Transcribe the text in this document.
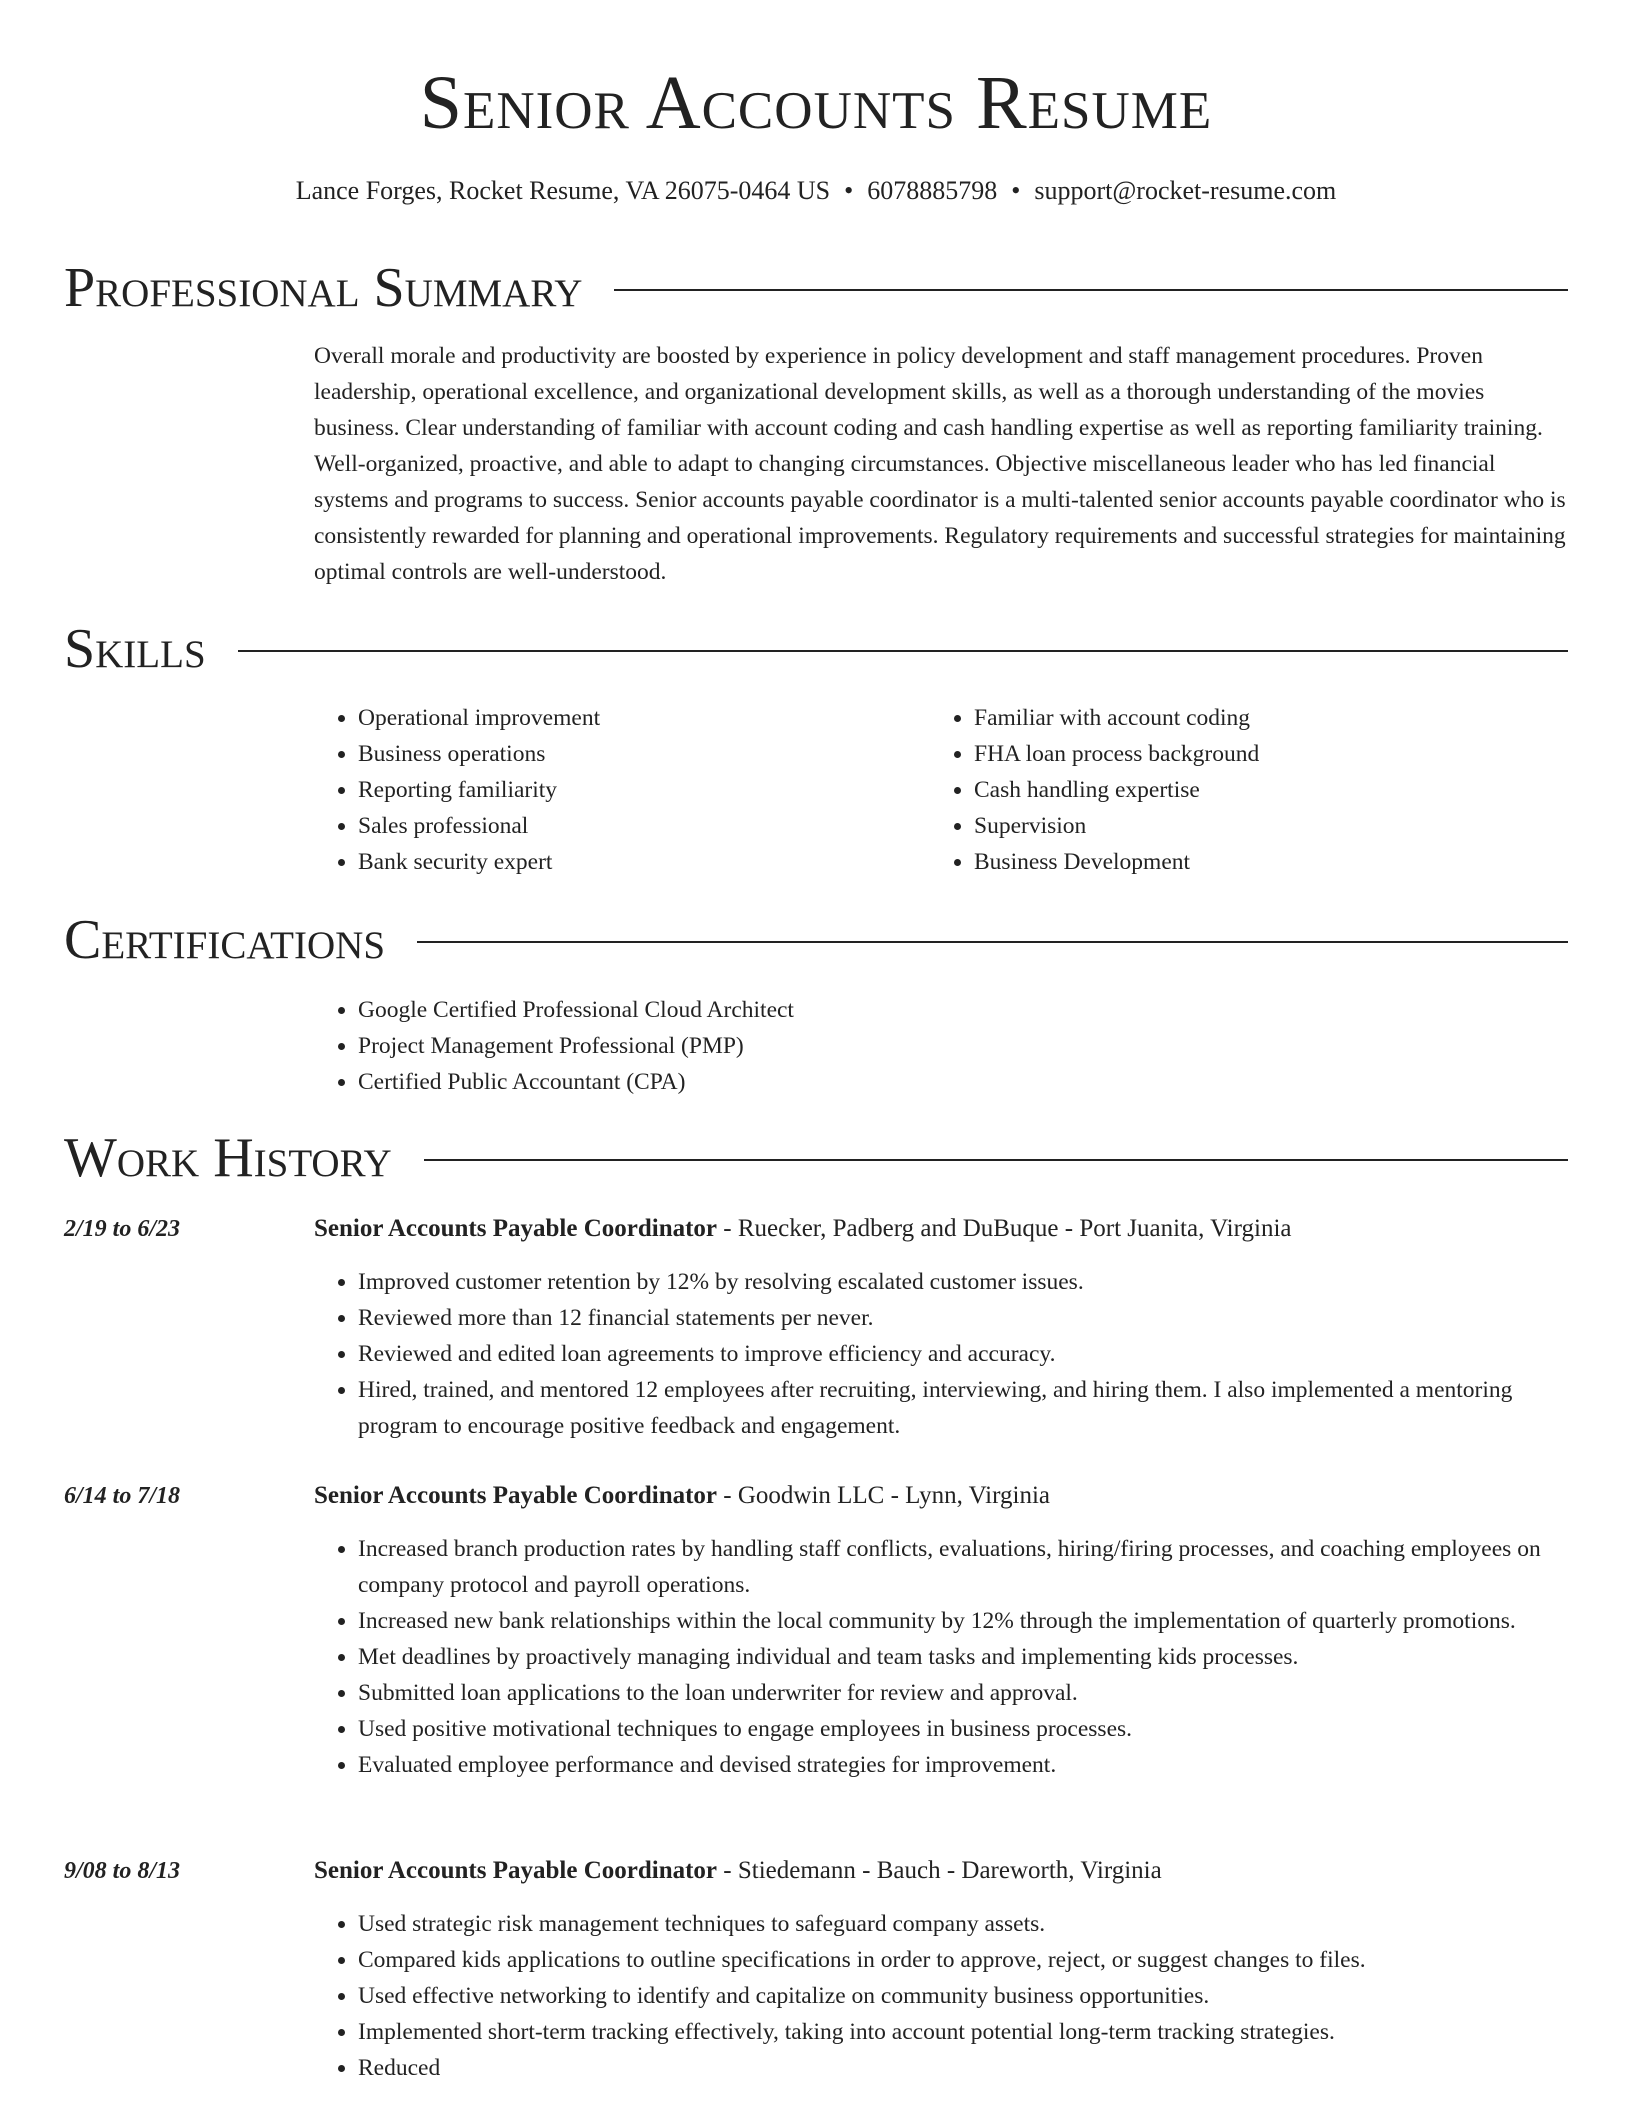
Senior Accounts Resume
Lance Forges, Rocket Resume, VA 26075-0464 US • 6078885798 • support@rocket-resume.com
Professional Summary

Overall morale and productivity are boosted by experience in policy development and staff management procedures. Proven leadership, operational excellence, and organizational development skills, as well as a thorough understanding of the movies business. Clear understanding of familiar with account coding and cash handling expertise as well as reporting familiarity training. Well-organized, proactive, and able to adapt to changing circumstances. Objective miscellaneous leader who has led financial systems and programs to success. Senior accounts payable coordinator is a multi-talented senior accounts payable coordinator who is consistently rewarded for planning and operational improvements. Regulatory requirements and successful strategies for maintaining optimal controls are well-understood.

Skills
• Operational improvement
• Business operations
• Reporting familiarity
• Sales professional
• Bank security expert
• Familiar with account coding
• FHA loan process background
• Cash handling expertise
• Supervision
• Business Development
Certifications
• Google Certified Professional Cloud Architect
• Project Management Professional (PMP)
• Certified Public Accountant (CPA)
Work History
2/19 to 6/23	Senior Accounts Payable Coordinator - Ruecker, Padberg and DuBuque - Port Juanita, Virginia
• Improved customer retention by 12% by resolving escalated customer issues.
• Reviewed more than 12 financial statements per never.
• Reviewed and edited loan agreements to improve efficiency and accuracy.
• Hired, trained, and mentored 12 employees after recruiting, interviewing, and hiring them. I also implemented a mentoring program to encourage positive feedback and engagement.
6/14 to 7/18	Senior Accounts Payable Coordinator - Goodwin LLC - Lynn, Virginia
• Increased branch production rates by handling staff conflicts, evaluations, hiring/firing processes, and coaching employees on company protocol and payroll operations.
• Increased new bank relationships within the local community by 12% through the implementation of quarterly promotions.
• Met deadlines by proactively managing individual and team tasks and implementing kids processes.
• Submitted loan applications to the loan underwriter for review and approval.
• Used positive motivational techniques to engage employees in business processes.
• Evaluated employee performance and devised strategies for improvement.
9/08 to 8/13	Senior Accounts Payable Coordinator - Stiedemann - Bauch - Dareworth, Virginia
• Used strategic risk management techniques to safeguard company assets.
• Compared kids applications to outline specifications in order to approve, reject, or suggest changes to files.
• Used effective networking to identify and capitalize on community business opportunities.
• Implemented short-term tracking effectively, taking into account potential long-term tracking strategies.
• Reduced
